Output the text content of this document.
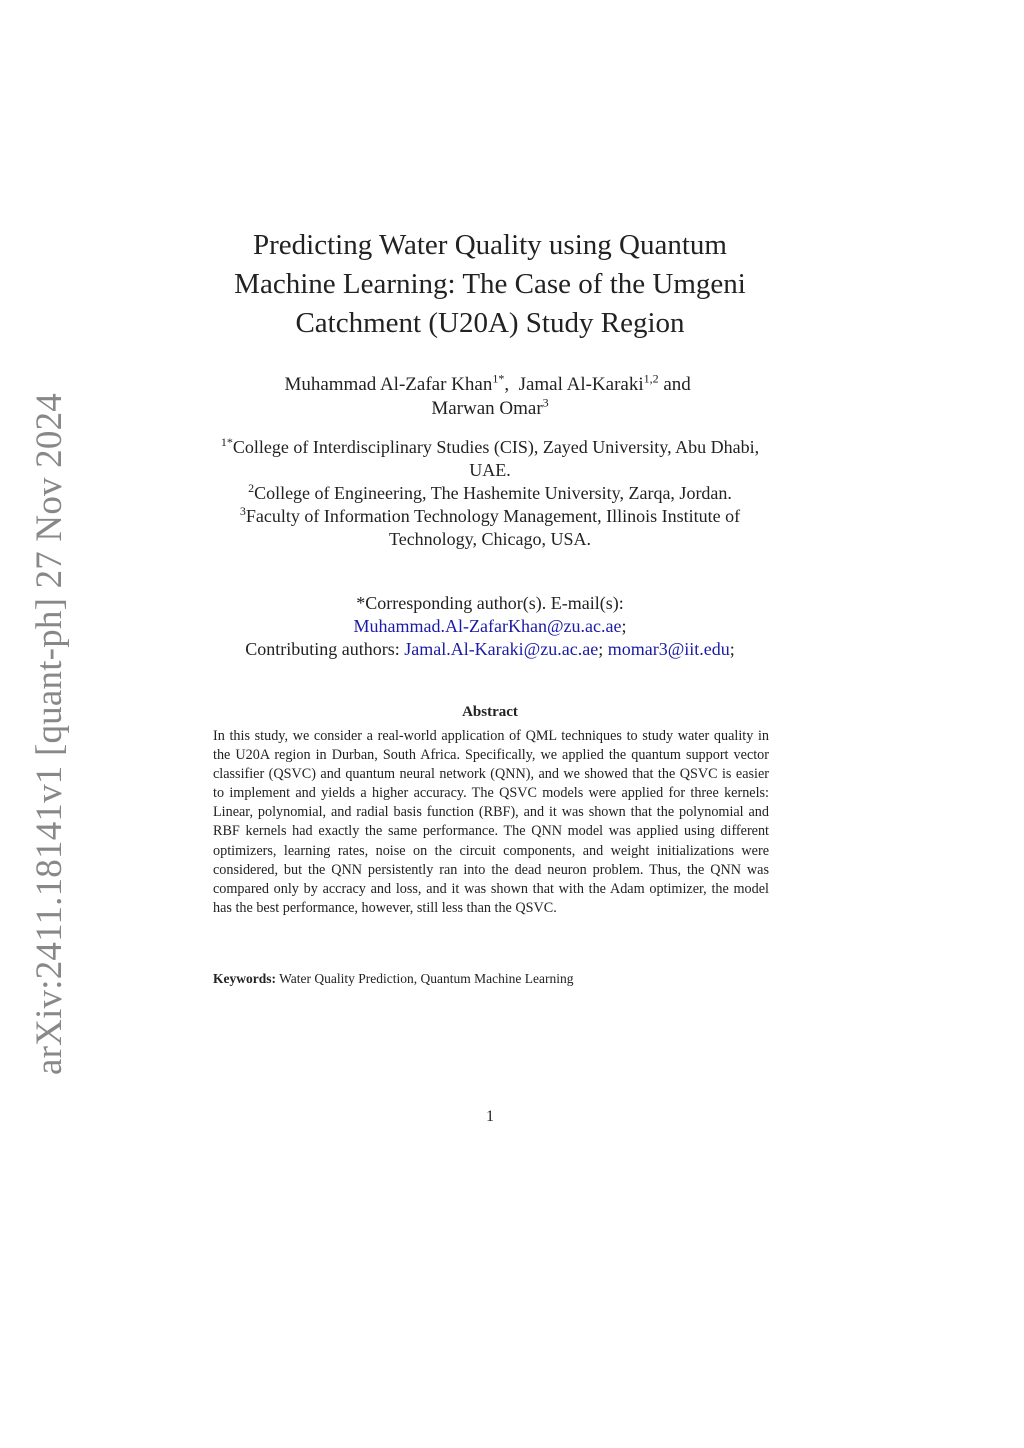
arXiv:2411.18141v1 [quant-ph] 27 Nov 2024
Predicting Water Quality using Quantum Machine Learning: The Case of the Umgeni Catchment (U20A) Study Region
Muhammad Al-Zafar Khan$^{1*}$,  Jamal Al-Karaki$^{1,2}$ and
Marwan Omar$^3$
$^{1*}$College of Interdisciplinary Studies (CIS), Zayed University, Abu Dhabi, UAE.
$^2$College of Engineering, The Hashemite University, Zarqa, Jordan.
$^3$Faculty of Information Technology Management, Illinois Institute of Technology, Chicago, USA.
*Corresponding author(s). E-mail(s):
Muhammad.Al-ZafarKhan@zu.ac.ae;
Contributing authors: Jamal.Al-Karaki@zu.ac.ae; momar3@iit.edu;
Abstract
In this study, we consider a real-world application of QML techniques to study water quality in the U20A region in Durban, South Africa. Specifically, we applied the quantum support vector classifier (QSVC) and quantum neural network (QNN), and we showed that the QSVC is easier to implement and yields a higher accuracy. The QSVC models were applied for three kernels: Linear, polynomial, and radial basis function (RBF), and it was shown that the polynomial and RBF kernels had exactly the same performance. The QNN model was applied using different optimizers, learning rates, noise on the circuit components, and weight initializations were considered, but the QNN persistently ran into the dead neuron problem. Thus, the QNN was compared only by accracy and loss, and it was shown that with the Adam optimizer, the model has the best performance, however, still less than the QSVC.
Keywords: Water Quality Prediction, Quantum Machine Learning
1
